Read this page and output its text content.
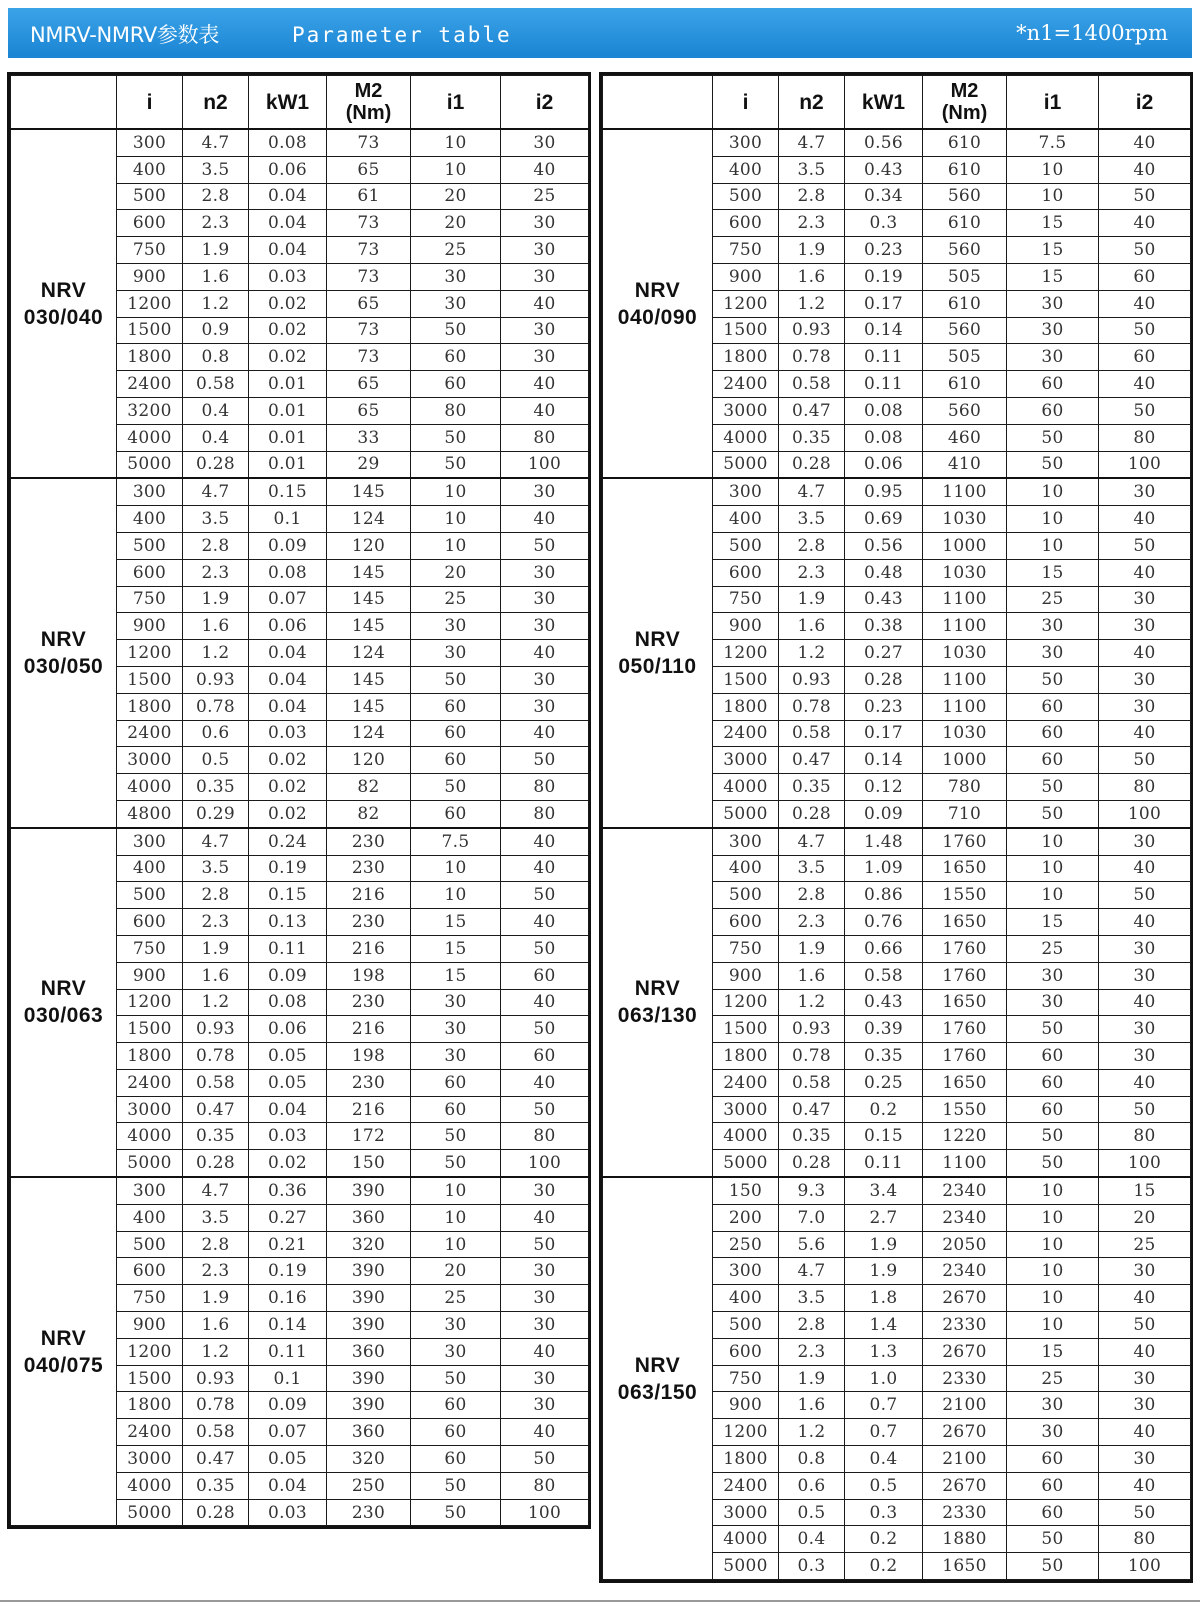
NMRV-NMRV参数表	Parameter table	*n1=1400rpm
	i	n2	kW1	M2
(Nm)	i1	i2

NRV
030/040	300	4.7	0.08	73	10	30
	400	3.5	0.06	65	10	40
	500	2.8	0.04	61	20	25
	600	2.3	0.04	73	20	30
	750	1.9	0.04	73	25	30
	900	1.6	0.03	73	30	30
	1200	1.2	0.02	65	30	40
	1500	0.9	0.02	73	50	30
	1800	0.8	0.02	73	60	30
	2400	0.58	0.01	65	60	40
	3200	0.4	0.01	65	80	40
	4000	0.4	0.01	33	50	80
	5000	0.28	0.01	29	50	100

NRV
030/050	300	4.7	0.15	145	10	30
	400	3.5	0.1	124	10	40
	500	2.8	0.09	120	10	50
	600	2.3	0.08	145	20	30
	750	1.9	0.07	145	25	30
	900	1.6	0.06	145	30	30
	1200	1.2	0.04	124	30	40
	1500	0.93	0.04	145	50	30
	1800	0.78	0.04	145	60	30
	2400	0.6	0.03	124	60	40
	3000	0.5	0.02	120	60	50
	4000	0.35	0.02	82	50	80
	4800	0.29	0.02	82	60	80

NRV
030/063	300	4.7	0.24	230	7.5	40
	400	3.5	0.19	230	10	40
	500	2.8	0.15	216	10	50
	600	2.3	0.13	230	15	40
	750	1.9	0.11	216	15	50
	900	1.6	0.09	198	15	60
	1200	1.2	0.08	230	30	40
	1500	0.93	0.06	216	30	50
	1800	0.78	0.05	198	30	60
	2400	0.58	0.05	230	60	40
	3000	0.47	0.04	216	60	50
	4000	0.35	0.03	172	50	80
	5000	0.28	0.02	150	50	100

NRV
040/075	300	4.7	0.36	390	10	30
	400	3.5	0.27	360	10	40
	500	2.8	0.21	320	10	50
	600	2.3	0.19	390	20	30
	750	1.9	0.16	390	25	30
	900	1.6	0.14	390	30	30
	1200	1.2	0.11	360	30	40
	1500	0.93	0.1	390	50	30
	1800	0.78	0.09	390	60	30
	2400	0.58	0.07	360	60	40
	3000	0.47	0.05	320	60	50
	4000	0.35	0.04	250	50	80
	5000	0.28	0.03	230	50	100
	i	n2	kW1	M2
(Nm)	i1	i2

NRV
040/090	300	4.7	0.56	610	7.5	40
	400	3.5	0.43	610	10	40
	500	2.8	0.34	560	10	50
	600	2.3	0.3	610	15	40
	750	1.9	0.23	560	15	50
	900	1.6	0.19	505	15	60
	1200	1.2	0.17	610	30	40
	1500	0.93	0.14	560	30	50
	1800	0.78	0.11	505	30	60
	2400	0.58	0.11	610	60	40
	3000	0.47	0.08	560	60	50
	4000	0.35	0.08	460	50	80
	5000	0.28	0.06	410	50	100

NRV
050/110	300	4.7	0.95	1100	10	30
	400	3.5	0.69	1030	10	40
	500	2.8	0.56	1000	10	50
	600	2.3	0.48	1030	15	40
	750	1.9	0.43	1100	25	30
	900	1.6	0.38	1100	30	30
	1200	1.2	0.27	1030	30	40
	1500	0.93	0.28	1100	50	30
	1800	0.78	0.23	1100	60	30
	2400	0.58	0.17	1030	60	40
	3000	0.47	0.14	1000	60	50
	4000	0.35	0.12	780	50	80
	5000	0.28	0.09	710	50	100

NRV
063/130	300	4.7	1.48	1760	10	30
	400	3.5	1.09	1650	10	40
	500	2.8	0.86	1550	10	50
	600	2.3	0.76	1650	15	40
	750	1.9	0.66	1760	25	30
	900	1.6	0.58	1760	30	30
	1200	1.2	0.43	1650	30	40
	1500	0.93	0.39	1760	50	30
	1800	0.78	0.35	1760	60	30
	2400	0.58	0.25	1650	60	40
	3000	0.47	0.2	1550	60	50
	4000	0.35	0.15	1220	50	80
	5000	0.28	0.11	1100	50	100

NRV
063/150	150	9.3	3.4	2340	10	15
	200	7.0	2.7	2340	10	20
	250	5.6	1.9	2050	10	25
	300	4.7	1.9	2340	10	30
	400	3.5	1.8	2670	10	40
	500	2.8	1.4	2330	10	50
	600	2.3	1.3	2670	15	40
	750	1.9	1.0	2330	25	30
	900	1.6	0.7	2100	30	30
	1200	1.2	0.7	2670	30	40
	1800	0.8	0.4	2100	60	30
	2400	0.6	0.5	2670	60	40
	3000	0.5	0.3	2330	60	50
	4000	0.4	0.2	1880	50	80
	5000	0.3	0.2	1650	50	100
